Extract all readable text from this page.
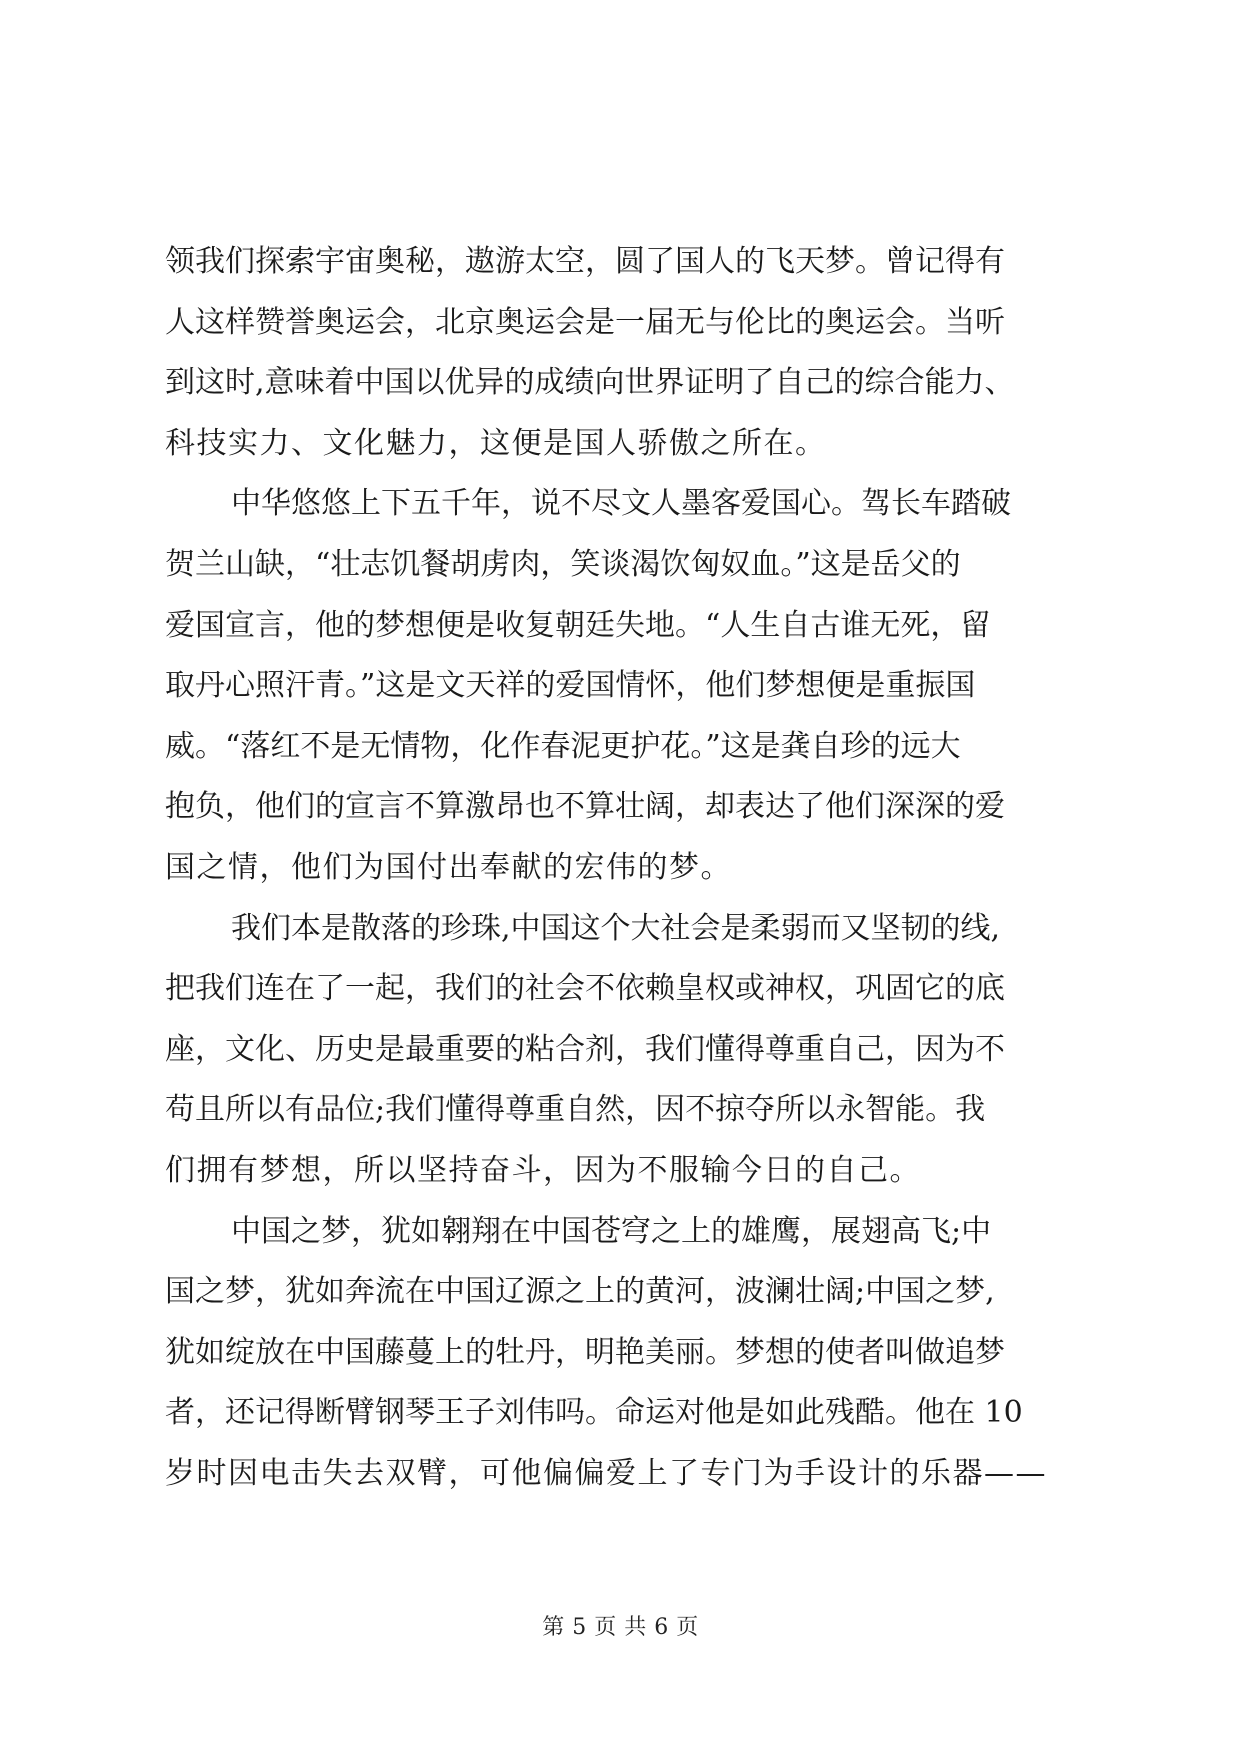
领我们探索宇宙奥秘，遨游太空，圆了国人的飞天梦。曾记得有
人这样赞誉奥运会，北京奥运会是一届无与伦比的奥运会。当听
到这时,意味着中国以优异的成绩向世界证明了自己的综合能力、
科技实力、文化魅力，这便是国人骄傲之所在。
中华悠悠上下五千年，说不尽文人墨客爱国心。驾长车踏破
贺兰山缺，“壮志饥餐胡虏肉，笑谈渴饮匈奴血。”这是岳父的
爱国宣言，他的梦想便是收复朝廷失地。“人生自古谁无死，留
取丹心照汗青。”这是文天祥的爱国情怀，他们梦想便是重振国
威。“落红不是无情物，化作春泥更护花。”这是龚自珍的远大
抱负，他们的宣言不算激昂也不算壮阔，却表达了他们深深的爱
国之情，他们为国付出奉献的宏伟的梦。
我们本是散落的珍珠,中国这个大社会是柔弱而又坚韧的线,
把我们连在了一起，我们的社会不依赖皇权或神权，巩固它的底
座，文化、历史是最重要的粘合剂，我们懂得尊重自己，因为不
苟且所以有品位;我们懂得尊重自然，因不掠夺所以永智能。我
们拥有梦想，所以坚持奋斗，因为不服输今日的自己。
中国之梦，犹如翱翔在中国苍穹之上的雄鹰，展翅高飞;中
国之梦，犹如奔流在中国辽源之上的黄河，波澜壮阔;中国之梦,
犹如绽放在中国藤蔓上的牡丹，明艳美丽。梦想的使者叫做追梦
者，还记得断臂钢琴王子刘伟吗。命运对他是如此残酷。他在 10
岁时因电击失去双臂，可他偏偏爱上了专门为手设计的乐器——
第 5 页 共 6 页
